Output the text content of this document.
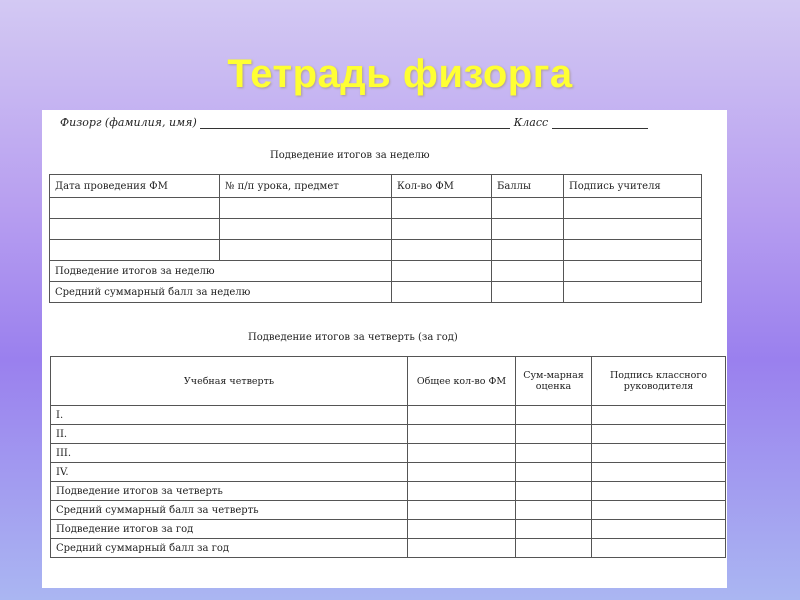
Тетрадь физорга
Физорг (фамилия, имя)	Класс
Подведение итогов за неделю
Дата проведения ФМ	№ п/п урока, предмет	Кол-во ФМ	Баллы	Подпись учителя

Подведение итогов за неделю				
Средний суммарный балл за неделю				
Подведение итогов за четверть (за год)
Учебная четверть	Общее кол-во ФМ	Сум-марная оценка	Подпись классного руководителя
I.			
II.			
III.			
IV.			
Подведение итогов за четверть			
Средний суммарный балл за четверть			
Подведение итогов за год			
Средний суммарный балл за год			
